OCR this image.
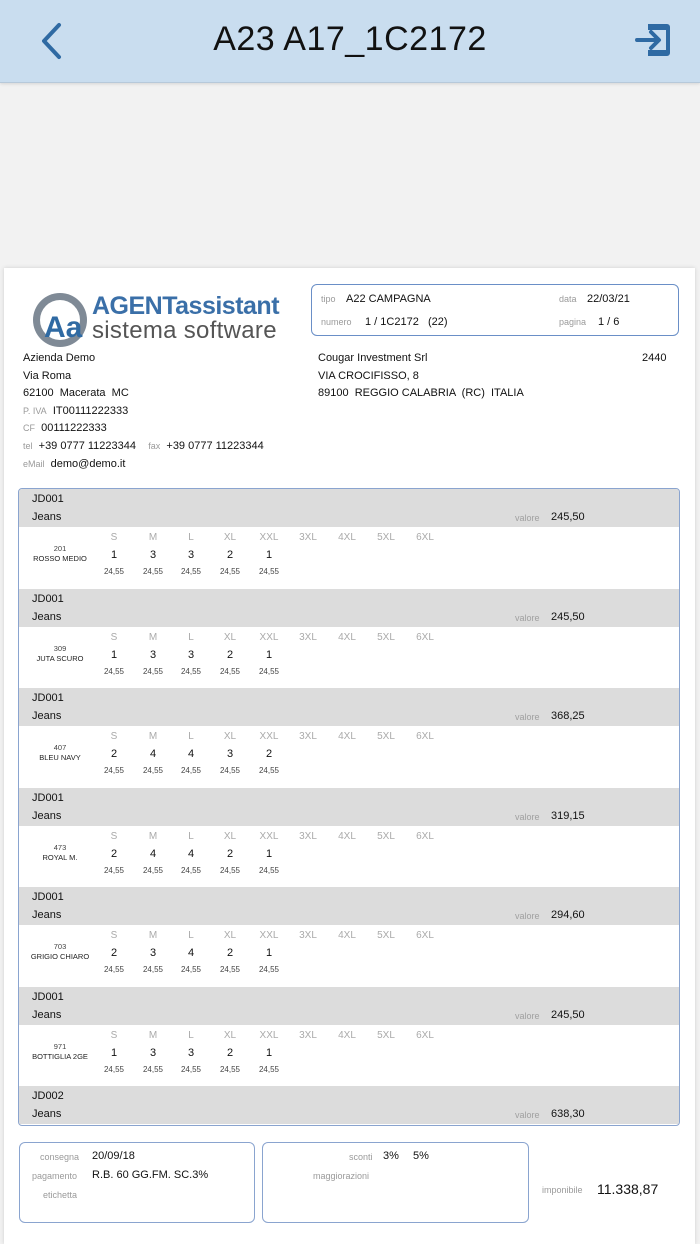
A23 A17_1C2172
Aa
AGENTassistant
sistema software
tipo A22 CAMPAGNA	data 22/03/21
numero 1 / 1C2172   (22)	pagina 1 / 6
Azienda Demo
Via Roma
62100  Macerata  MC
P. IVA IT00111222333
CF 00111222333
tel +39 0777 11223344 fax +39 0777 11223344
eMail demo@demo.it
Cougar Investment Srl
VIA CROCIFISSO, 8
89100  REGGIO CALABRIA  (RC)  ITALIA
2440
JD001
Jeans	valore 245,50
201
ROSSO MEDIO
S	M	L	XL	XXL	3XL	4XL	5XL	6XL
1	3	3	2	1
24,55	24,55	24,55	24,55	24,55
JD001
Jeans	valore 245,50
309
JUTA SCURO
S	M	L	XL	XXL	3XL	4XL	5XL	6XL
1	3	3	2	1
24,55	24,55	24,55	24,55	24,55
JD001
Jeans	valore 368,25
407
BLEU NAVY
S	M	L	XL	XXL	3XL	4XL	5XL	6XL
2	4	4	3	2
24,55	24,55	24,55	24,55	24,55
JD001
Jeans	valore 319,15
473
ROYAL M.
S	M	L	XL	XXL	3XL	4XL	5XL	6XL
2	4	4	2	1
24,55	24,55	24,55	24,55	24,55
JD001
Jeans	valore 294,60
703
GRIGIO CHIARO
S	M	L	XL	XXL	3XL	4XL	5XL	6XL
2	3	4	2	1
24,55	24,55	24,55	24,55	24,55
JD001
Jeans	valore 245,50
971
BOTTIGLIA 2GE
S	M	L	XL	XXL	3XL	4XL	5XL	6XL
1	3	3	2	1
24,55	24,55	24,55	24,55	24,55
JD002
Jeans	valore 638,30
consegna 20/09/18
pagamento R.B. 60 GG.FM. SC.3%
etichetta
sconti 3% 5%
maggiorazioni
imponibile 11.338,87
